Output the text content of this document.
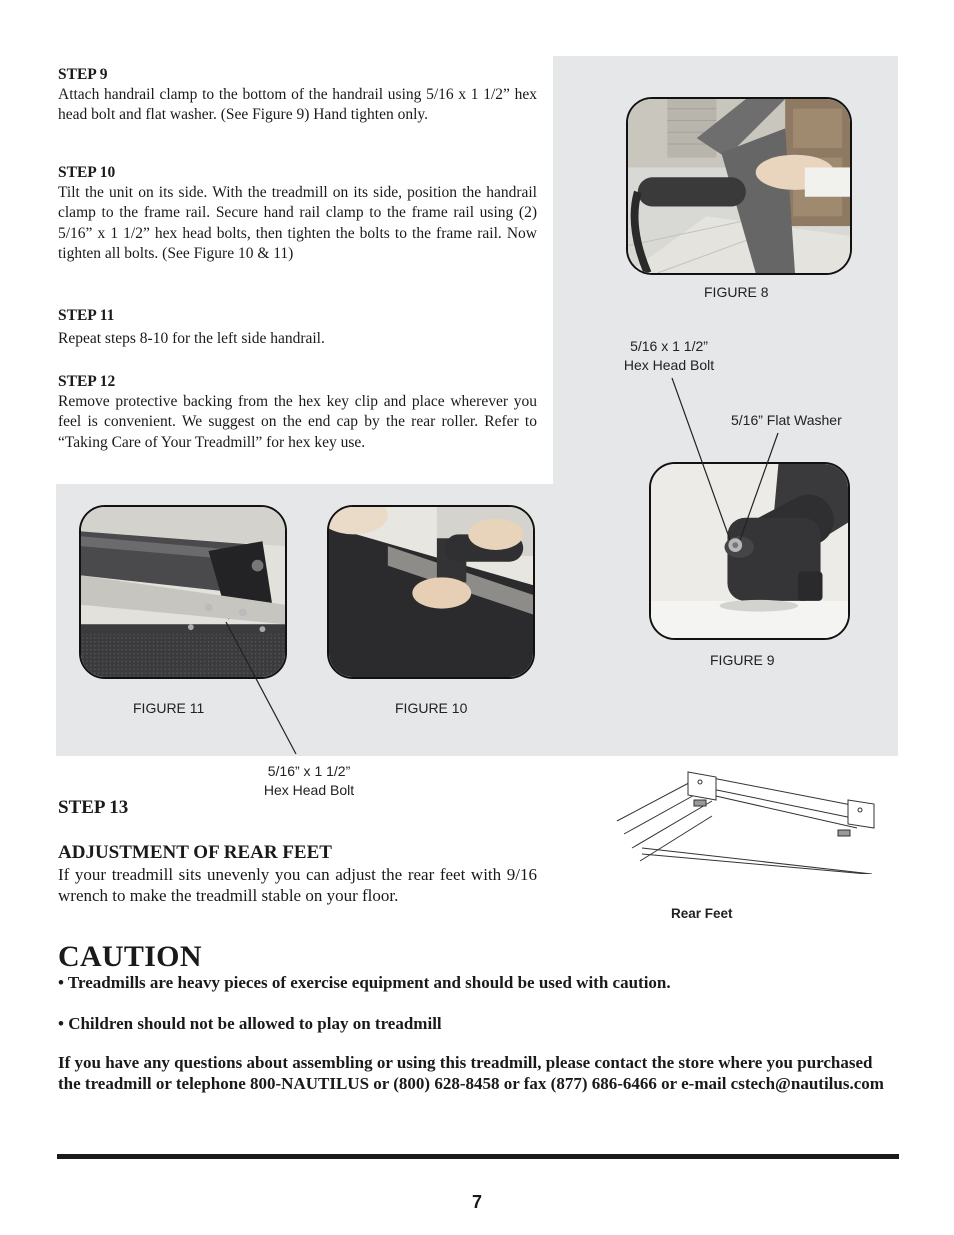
STEP 9

Attach handrail clamp to the bottom of the handrail using 5/16 x 1 1/2” hex head bolt and flat washer. (See Figure 9) Hand tighten only.

STEP 10

Tilt the unit on its side. With the treadmill on its side, position the handrail clamp to the frame rail. Secure hand rail clamp to the frame rail using (2) 5/16” x 1 1/2” hex head bolts, then tighten the bolts to the frame rail. Now tighten all bolts. (See Figure 10 & 11)

STEP 11

Repeat steps 8-10 for the left side handrail.

STEP 12

Remove protective backing from the hex key clip and place wherever you feel is convenient. We suggest on the end cap by the rear roller. Refer to “Taking Care of Your Treadmill” for hex key use.

FIGURE 8
5/16 x 1 1/2”
Hex Head Bolt
5/16” Flat Washer
FIGURE 9
FIGURE 11	FIGURE 10
5/16” x 1 1/2”
Hex Head Bolt
Rear Feet
STEP 13
ADJUSTMENT OF REAR FEET
If your treadmill sits unevenly you can adjust the rear feet with 9/16 wrench to make the treadmill stable on your floor.
CAUTION
• Treadmills are heavy pieces of exercise equipment and should be used with caution.
• Children should not be allowed to play on treadmill
If you have any questions about assembling or using this treadmill, please contact the store where you purchased the treadmill or telephone 800-NAUTILUS or (800) 628-8458 or fax (877) 686-6466 or e-mail cstech@nautilus.com
7
